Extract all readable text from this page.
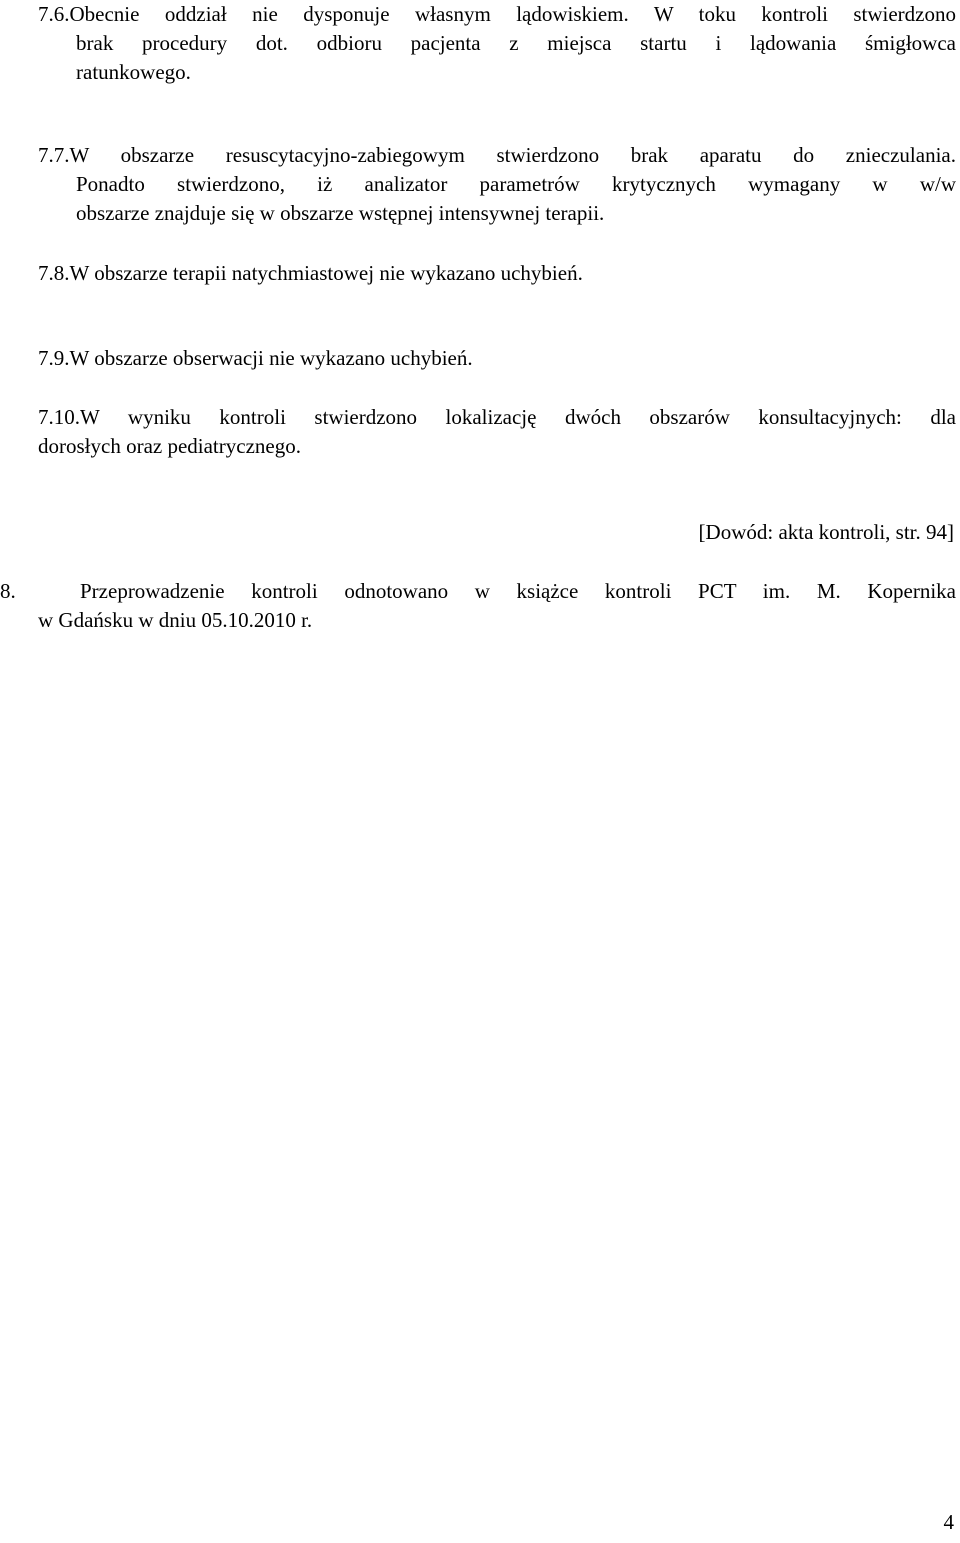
7.6.Obecnie oddział nie dysponuje własnym lądowiskiem. W toku kontroli stwierdzono
brak procedury dot. odbioru pacjenta z miejsca startu i lądowania śmigłowca
ratunkowego.
7.7.W obszarze resuscytacyjno-zabiegowym stwierdzono brak aparatu do znieczulania.
Ponadto stwierdzono, iż analizator parametrów krytycznych wymagany w w/w
obszarze znajduje się w obszarze wstępnej intensywnej terapii.
7.8.W obszarze terapii natychmiastowej nie wykazano uchybień.
7.9.W obszarze obserwacji nie wykazano uchybień.
7.10.W wyniku kontroli stwierdzono lokalizację dwóch obszarów konsultacyjnych: dla
dorosłych oraz pediatrycznego.
[Dowód: akta kontroli, str. 94]
8.	Przeprowadzenie kontroli odnotowano w książce kontroli PCT im. M. Kopernika
w Gdańsku w dniu 05.10.2010 r.
4
